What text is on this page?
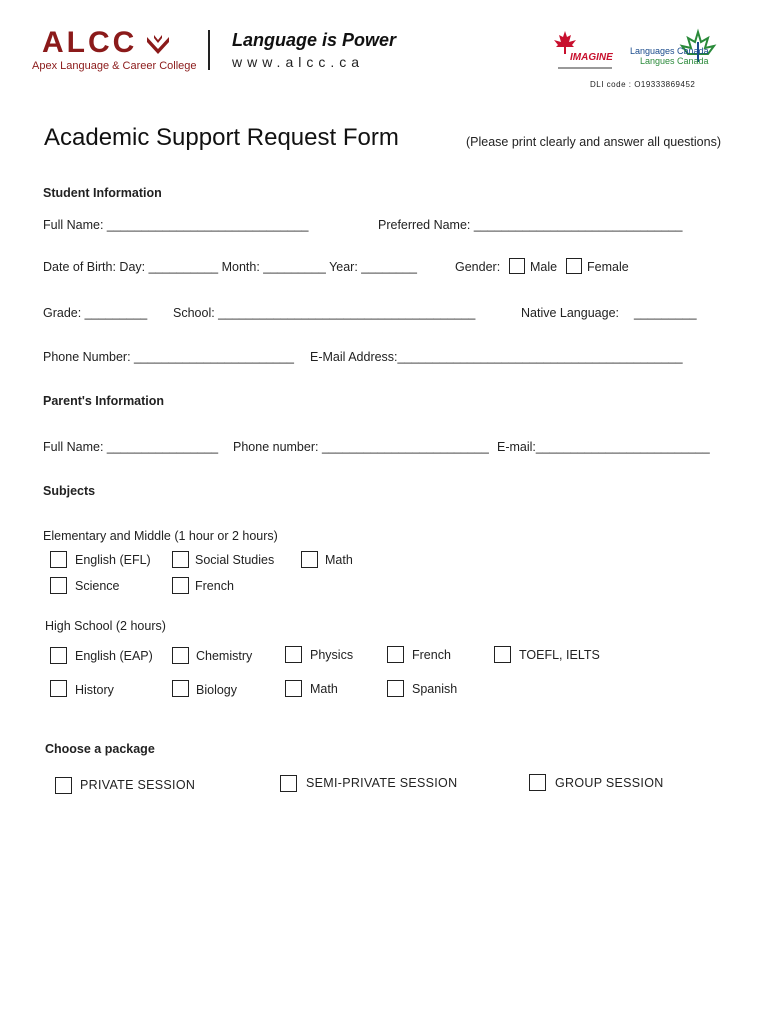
ALCC
Apex Language & Career College
Language is Power
www.alcc.ca	IMAGINE
Languages Canada
Langues Canada
DLI code : O19333869452
Academic Support Request Form	(Please print clearly and answer all questions)
Student Information
Full Name: _____________________________	Preferred Name: ______________________________
Date of Birth: Day: __________ Month: _________ Year: ________	Gender: Male Female
Grade: _________ School: _____________________________________	Native Language: _________
Phone Number: _______________________ E-Mail Address:_________________________________________
Parent's Information
Full Name: ________________ Phone number: ________________________ E-mail:_________________________
Subjects
Elementary and Middle (1 hour or 2 hours)
English (EFL)	Social Studies	Math
Science	French
High School (2 hours)
English (EAP)	Chemistry	Physics	French	TOEFL, IELTS
History	Biology	Math	Spanish
Choose a package
PRIVATE SESSION	SEMI-PRIVATE SESSION	GROUP SESSION
